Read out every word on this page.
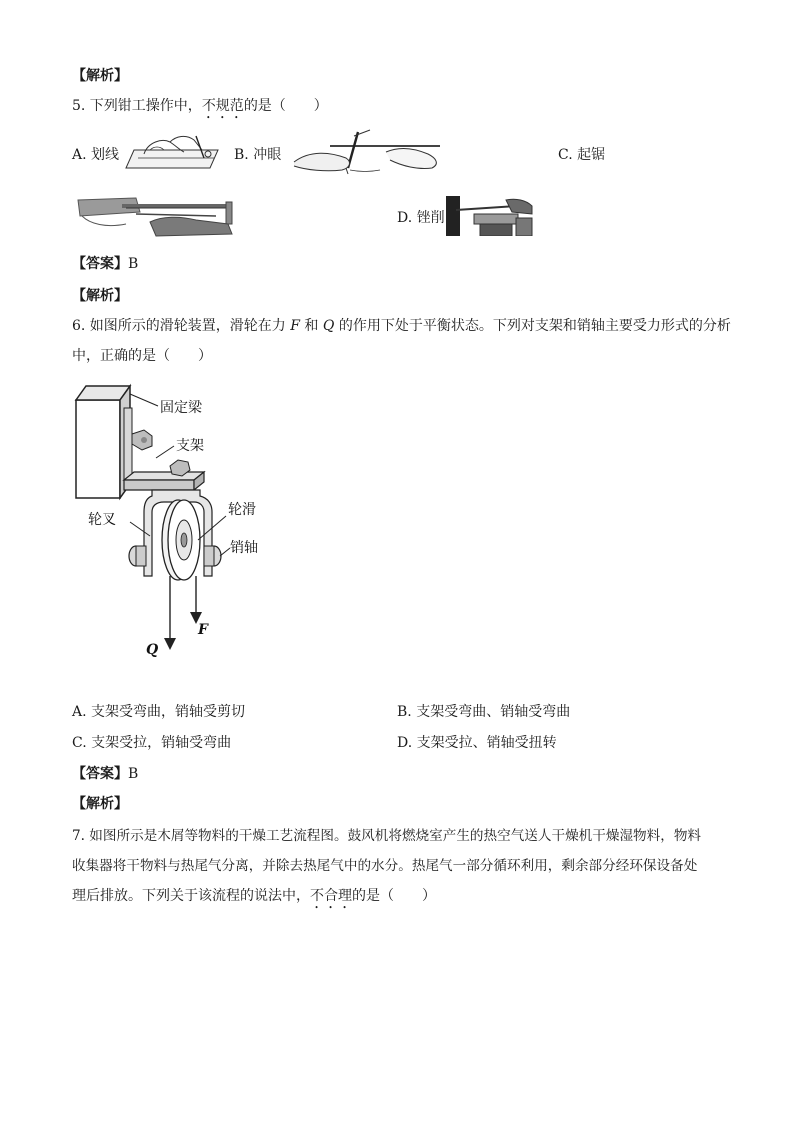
【解析】
5. 下列钳工操作中，不规范的是（　　）
A. 划线	B. 冲眼	C. 起锯
D. 锉削
【答案】B
【解析】
6. 如图所示的滑轮装置，滑轮在力 F 和 Q 的作用下处于平衡状态。下列对支架和销轴主要受力形式的分析
中，正确的是（　　）
固定梁
支架
轮叉
轮滑
销轴
F
Q
A. 支架受弯曲，销轴受剪切	B. 支架受弯曲、销轴受弯曲
C. 支架受拉，销轴受弯曲	D. 支架受拉、销轴受扭转
【答案】B
【解析】
7. 如图所示是木屑等物料的干燥工艺流程图。鼓风机将燃烧室产生的热空气送人干燥机干燥湿物料，物料
收集器将干物料与热尾气分离，并除去热尾气中的水分。热尾气一部分循环利用，剩余部分经环保设备处
理后排放。下列关于该流程的说法中，不合理的是（　　）
